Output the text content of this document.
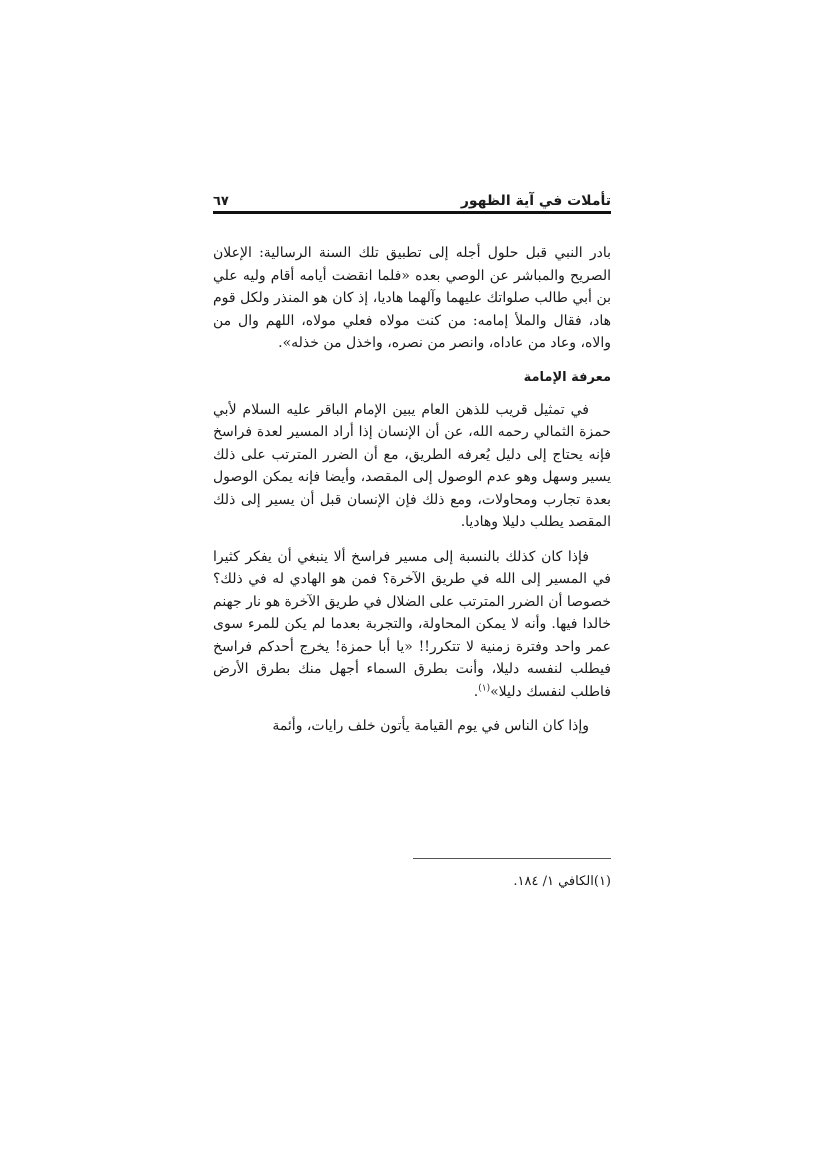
تأملات في آية الظهور
٦٧

بادر النبي قبل حلول أجله إلى تطبيق تلك السنة الرسالية: الإعلان الصريح والمباشر عن الوصي بعده «فلما انقضت أيامه أقام وليه علي بن أبي طالب صلواتك عليهما وآلهما هاديا، إذ كان هو المنذر ولكل قوم هاد، فقال والملأ إمامه: من كنت مولاه فعلي مولاه، اللهم وال من والاه، وعاد من عاداه، وانصر من نصره، واخذل من خذله».

معرفة الإمامة

في تمثيل قريب للذهن العام يبين الإمام الباقر عليه السلام لأبي حمزة الثمالي رحمه الله، عن أن الإنسان إذا أراد المسير لعدة فراسخ فإنه يحتاج إلى دليل يُعرفه الطريق، مع أن الضرر المترتب على ذلك يسير وسهل وهو عدم الوصول إلى المقصد، وأيضا فإنه يمكن الوصول بعدة تجارب ومحاولات، ومع ذلك فإن الإنسان قبل أن يسير إلى ذلك المقصد يطلب دليلا وهاديا.

فإذا كان كذلك بالنسبة إلى مسير فراسخ ألا ينبغي أن يفكر كثيرا في المسير إلى الله في طريق الآخرة؟ فمن هو الهادي له في ذلك؟ خصوصا أن الضرر المترتب على الضلال في طريق الآخرة هو نار جهنم خالدا فيها. وأنه لا يمكن المحاولة، والتجربة بعدما لم يكن للمرء سوى عمر واحد وفترة زمنية لا تتكرر!! «يا أبا حمزة! يخرج أحدكم فراسخ فيطلب لنفسه دليلا، وأنت بطرق السماء أجهل منك بطرق الأرض فاطلب لنفسك دليلا»$^{(١)}$.

وإذا كان الناس في يوم القيامة يأتون خلف رايات، وأئمة

(١)الكافي ١/ ١٨٤.
